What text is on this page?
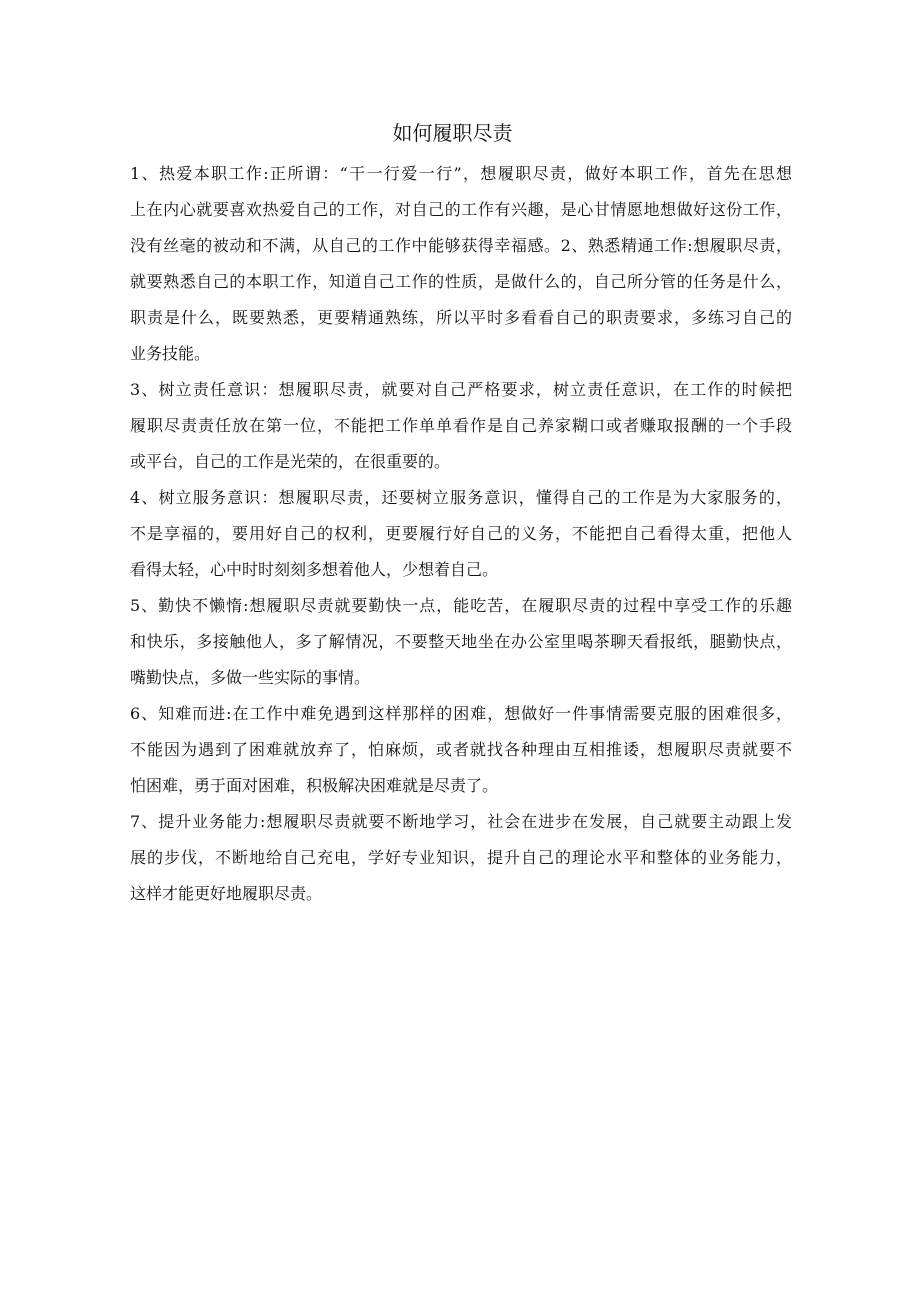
如何履职尽责
1、热爱本职工作:正所谓：“干一行爱一行”，想履职尽责，做好本职工作，首先在思想
上在内心就要喜欢热爱自己的工作，对自己的工作有兴趣，是心甘情愿地想做好这份工作，
没有丝毫的被动和不满，从自己的工作中能够获得幸福感。2、熟悉精通工作:想履职尽责，
就要熟悉自己的本职工作，知道自己工作的性质，是做什么的，自己所分管的任务是什么，
职责是什么，既要熟悉，更要精通熟练，所以平时多看看自己的职责要求，多练习自己的
业务技能。
3、树立责任意识：想履职尽责，就要对自己严格要求，树立责任意识，在工作的时候把
履职尽责责任放在第一位，不能把工作单单看作是自己养家糊口或者赚取报酬的一个手段
或平台，自己的工作是光荣的，在很重要的。
4、树立服务意识：想履职尽责，还要树立服务意识，懂得自己的工作是为大家服务的，
不是享福的，要用好自己的权利，更要履行好自己的义务，不能把自己看得太重，把他人
看得太轻，心中时时刻刻多想着他人，少想着自己。
5、勤快不懒惰:想履职尽责就要勤快一点，能吃苦，在履职尽责的过程中享受工作的乐趣
和快乐，多接触他人，多了解情况，不要整天地坐在办公室里喝茶聊天看报纸，腿勤快点，
嘴勤快点，多做一些实际的事情。
6、知难而进:在工作中难免遇到这样那样的困难，想做好一件事情需要克服的困难很多，
不能因为遇到了困难就放弃了，怕麻烦，或者就找各种理由互相推诿，想履职尽责就要不
怕困难，勇于面对困难，积极解决困难就是尽责了。
7、提升业务能力:想履职尽责就要不断地学习，社会在进步在发展，自己就要主动跟上发
展的步伐，不断地给自己充电，学好专业知识，提升自己的理论水平和整体的业务能力，
这样才能更好地履职尽责。
